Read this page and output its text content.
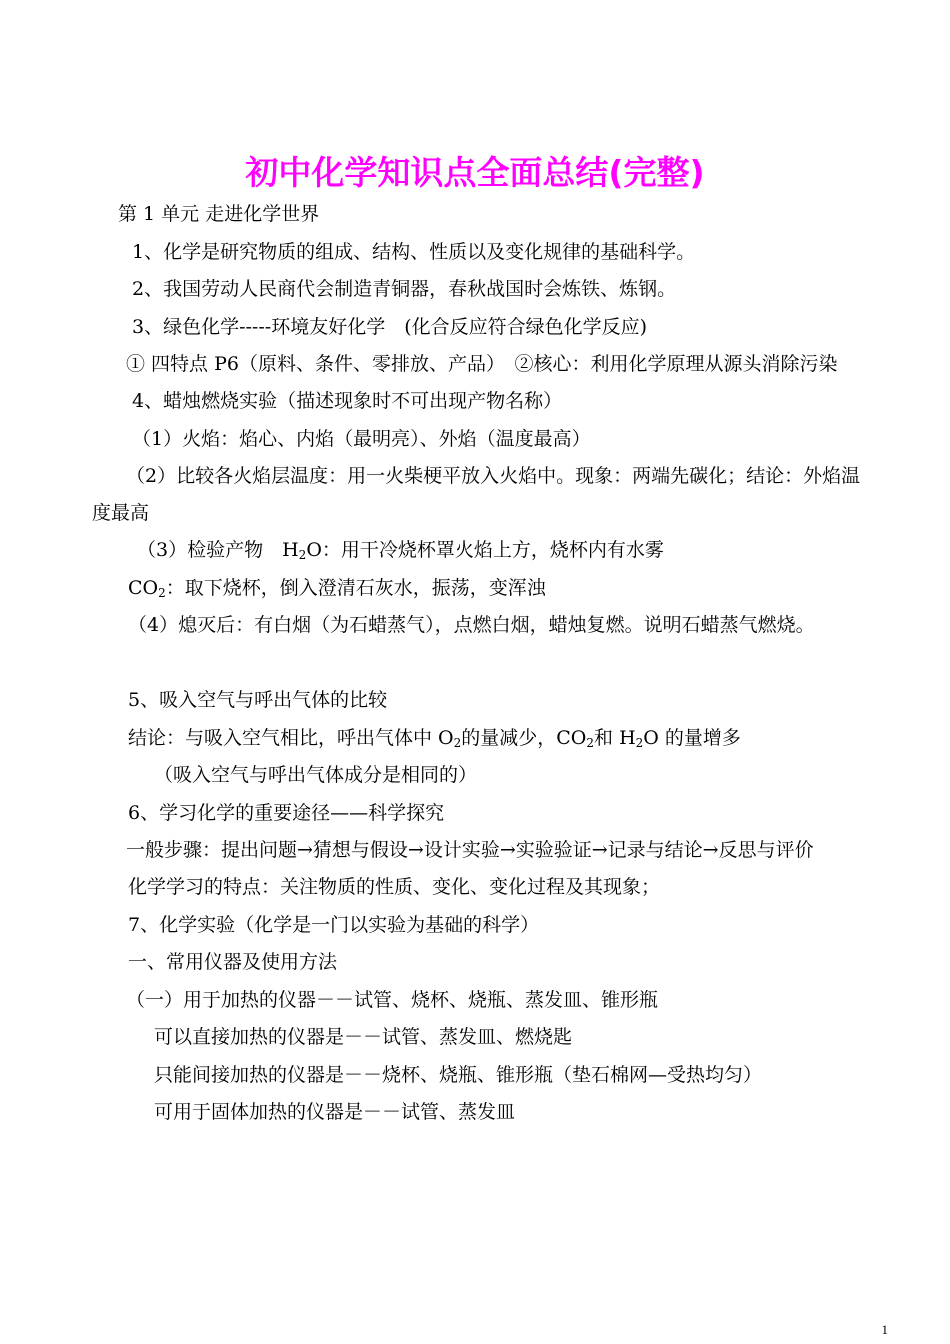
初中化学知识点全面总结(完整)

第 1 单元 走进化学世界

1、化学是研究物质的组成、结构、性质以及变化规律的基础科学。

2、我国劳动人民商代会制造青铜器，春秋战国时会炼铁、炼钢。

3、绿色化学-----环境友好化学　(化合反应符合绿色化学反应)

① 四特点 P6（原料、条件、零排放、产品）　②核心：利用化学原理从源头消除污染

4、蜡烛燃烧实验（描述现象时不可出现产物名称）

（1）火焰：焰心、内焰（最明亮）、外焰（温度最高）

（2）比较各火焰层温度：用一火柴梗平放入火焰中。现象：两端先碳化；结论：外焰温度最高

（3）检验产物　$H_2O$：用干冷烧杯罩火焰上方，烧杯内有水雾

$CO_2$：取下烧杯，倒入澄清石灰水，振荡，变浑浊

（4）熄灭后：有白烟（为石蜡蒸气），点燃白烟，蜡烛复燃。说明石蜡蒸气燃烧。

5、吸入空气与呼出气体的比较

结论：与吸入空气相比，呼出气体中 $O_2$的量减少，$CO_2$和 $H_2O$ 的量增多

（吸入空气与呼出气体成分是相同的）

6、学习化学的重要途径——科学探究

一般步骤：提出问题→猜想与假设→设计实验→实验验证→记录与结论→反思与评价

化学学习的特点：关注物质的性质、变化、变化过程及其现象；

7、化学实验（化学是一门以实验为基础的科学）

一、常用仪器及使用方法

（一）用于加热的仪器－－试管、烧杯、烧瓶、蒸发皿、锥形瓶

可以直接加热的仪器是－－试管、蒸发皿、燃烧匙

只能间接加热的仪器是－－烧杯、烧瓶、锥形瓶（垫石棉网—受热均匀）

可用于固体加热的仪器是－－试管、蒸发皿

1
